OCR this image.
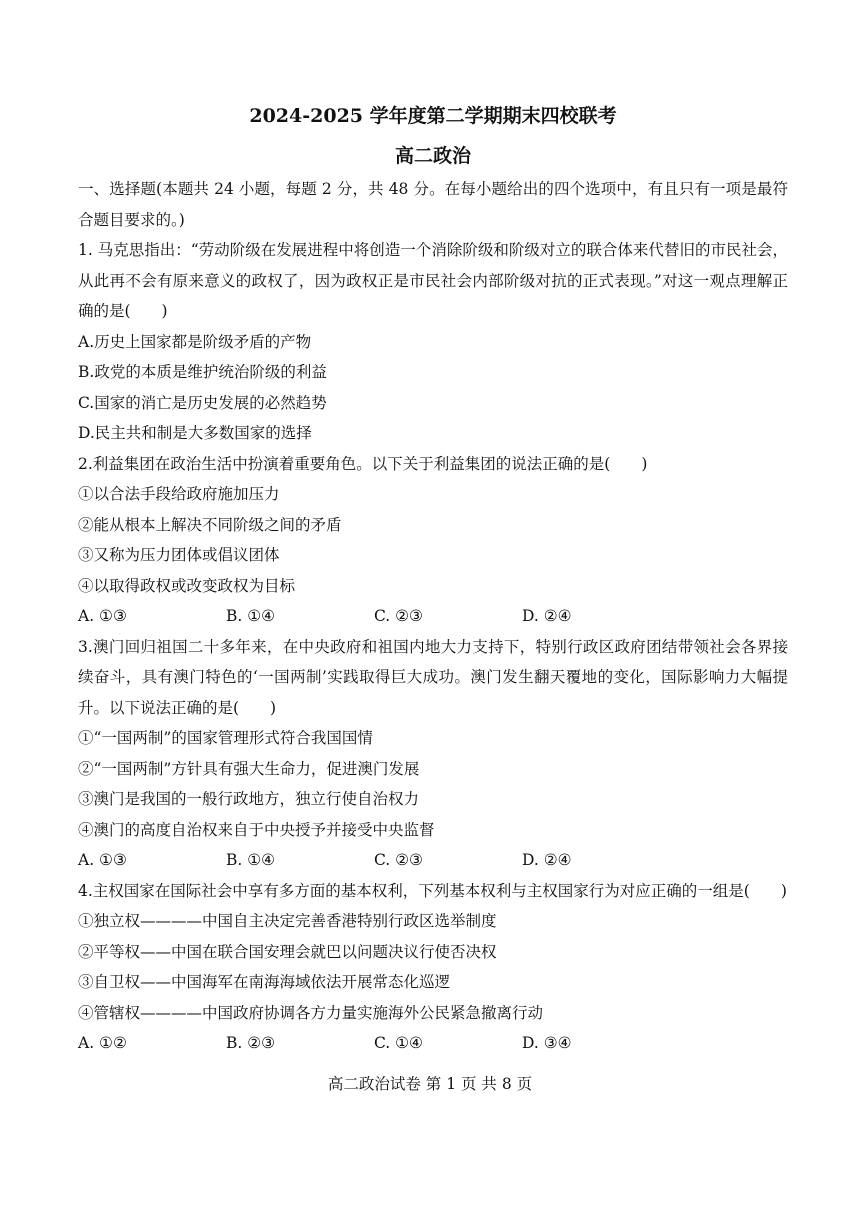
2024-2025 学年度第二学期期末四校联考
高二政治
一、选择题(本题共 24 小题，每题 2 分，共 48 分。在每小题给出的四个选项中，有且只有一项是最符合题目要求的。)
1. 马克思指出：“劳动阶级在发展进程中将创造一个消除阶级和阶级对立的联合体来代替旧的市民社会，从此再不会有原来意义的政权了，因为政权正是市民社会内部阶级对抗的正式表现。”对这一观点理解正确的是(　　)
A.历史上国家都是阶级矛盾的产物
B.政党的本质是维护统治阶级的利益
C.国家的消亡是历史发展的必然趋势
D.民主共和制是大多数国家的选择
2.利益集团在政治生活中扮演着重要角色。以下关于利益集团的说法正确的是(　　)
①以合法手段给政府施加压力
②能从根本上解决不同阶级之间的矛盾
③又称为压力团体或倡议团体
④以取得政权或改变政权为目标
A. ①③	B. ①④	C. ②③	D. ②④
3.澳门回归祖国二十多年来，在中央政府和祖国内地大力支持下，特别行政区政府团结带领社会各界接续奋斗，具有澳门特色的‘一国两制’实践取得巨大成功。澳门发生翻天覆地的变化，国际影响力大幅提升。以下说法正确的是(　　)
①“一国两制”的国家管理形式符合我国国情
②“一国两制”方针具有强大生命力，促进澳门发展
③澳门是我国的一般行政地方，独立行使自治权力
④澳门的高度自治权来自于中央授予并接受中央监督
A. ①③	B. ①④	C. ②③	D. ②④
4.主权国家在国际社会中享有多方面的基本权利，下列基本权利与主权国家行为对应正确的一组是(　　)
①独立权————中国自主决定完善香港特别行政区选举制度
②平等权——中国在联合国安理会就巴以问题决议行使否决权
③自卫权——中国海军在南海海域依法开展常态化巡逻
④管辖权————中国政府协调各方力量实施海外公民紧急撤离行动
A. ①②	B. ②③	C. ①④	D. ③④
高二政治试卷 第 1 页 共 8 页
